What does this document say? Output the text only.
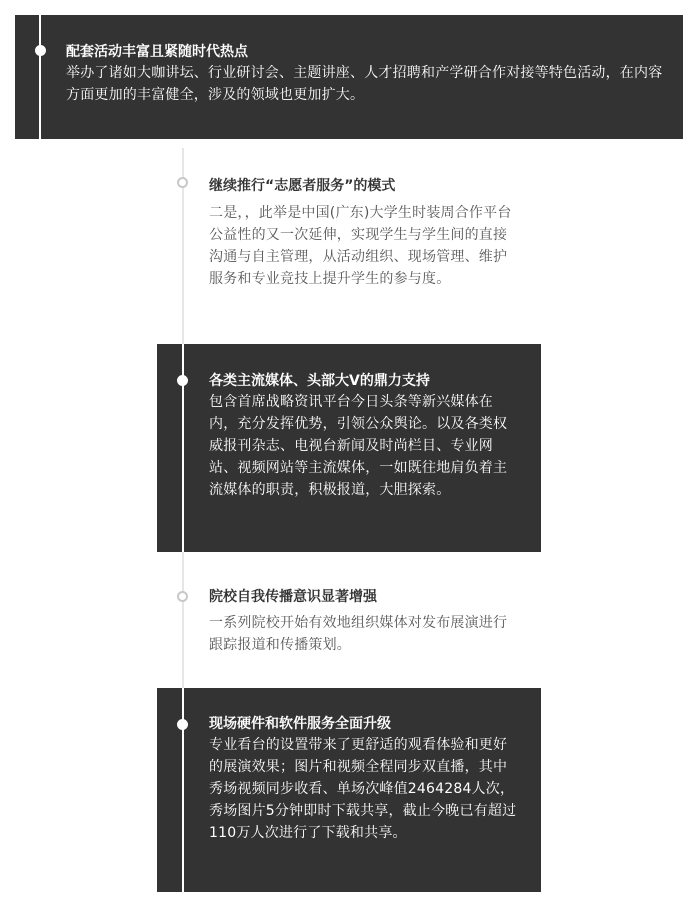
配套活动丰富且紧随时代热点

举办了诸如大咖讲坛、行业研讨会、主题讲座、人才招聘和产学研合作对接等特色活动，在内容方面更加的丰富健全，涉及的领域也更加扩大。

继续推行“志愿者服务”的模式

二是，，此举是中国(广东)大学生时装周合作平台公益性的又一次延伸，实现学生与学生间的直接沟通与自主管理，从活动组织、现场管理、维护服务和专业竞技上提升学生的参与度。

各类主流媒体、头部大V的鼎力支持

包含首席战略资讯平台今日头条等新兴媒体在内，充分发挥优势，引领公众舆论。以及各类权威报刊杂志、电视台新闻及时尚栏目、专业网站、视频网站等主流媒体，一如既往地肩负着主流媒体的职责，积极报道，大胆探索。

院校自我传播意识显著增强

一系列院校开始有效地组织媒体对发布展演进行跟踪报道和传播策划。

现场硬件和软件服务全面升级

专业看台的设置带来了更舒适的观看体验和更好的展演效果；图片和视频全程同步双直播，其中秀场视频同步收看、单场次峰值2464284人次，秀场图片5分钟即时下载共享，截止今晚已有超过110万人次进行了下载和共享。
